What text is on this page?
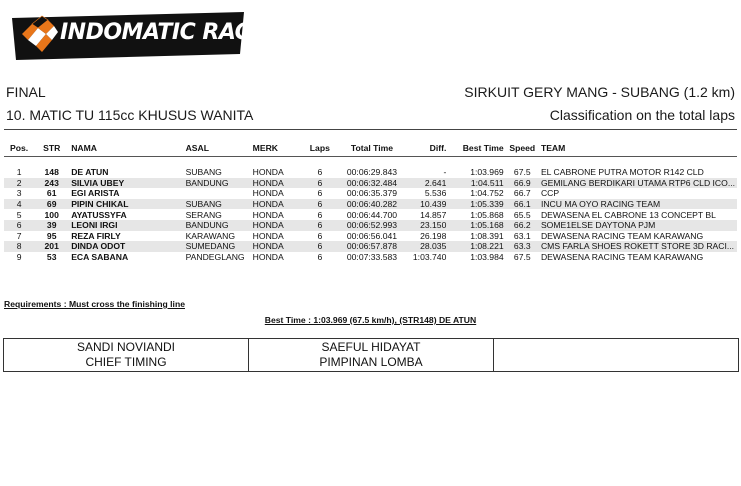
INDOMATIC RACE
FINAL
10. MATIC TU 115cc KHUSUS WANITA
SIRKUIT GERY MANG - SUBANG (1.2 km)
Classification on the total laps
Pos.	STR	NAMA	ASAL	MERK	Laps	Total Time	Diff.	Best Time	Speed	TEAM

1	148	DE ATUN	SUBANG	HONDA	6	00:06:29.843	-	1:03.969	67.5	EL CABRONE PUTRA MOTOR R142 CLD
2	243	SILVIA UBEY	BANDUNG	HONDA	6	00:06:32.484	2.641	1:04.511	66.9	GEMILANG BERDIKARI UTAMA RTP6 CLD ICO...
3	61	EGI ARISTA		HONDA	6	00:06:35.379	5.536	1:04.752	66.7	CCP
4	69	PIPIN CHIKAL	SUBANG	HONDA	6	00:06:40.282	10.439	1:05.339	66.1	INCU MA OYO RACING TEAM
5	100	AYATUSSYFA	SERANG	HONDA	6	00:06:44.700	14.857	1:05.868	65.5	DEWASENA EL CABRONE 13 CONCEPT BL
6	39	LEONI IRGI	BANDUNG	HONDA	6	00:06:52.993	23.150	1:05.168	66.2	SOME1ELSE DAYTONA PJM
7	95	REZA FIRLY	KARAWANG	HONDA	6	00:06:56.041	26.198	1:08.391	63.1	DEWASENA RACING TEAM KARAWANG
8	201	DINDA ODOT	SUMEDANG	HONDA	6	00:06:57.878	28.035	1:08.221	63.3	CMS FARLA SHOES ROKETT STORE 3D RACI...
9	53	ECA SABANA	PANDEGLANG	HONDA	6	00:07:33.583	1:03.740	1:03.984	67.5	DEWASENA RACING TEAM KARAWANG
Requirements : Must cross the finishing line
Best Time : 1:03.969 (67.5 km/h), (STR148) DE ATUN
SANDI NOVIANDI
CHIEF TIMING
SAEFUL HIDAYAT
PIMPINAN LOMBA
